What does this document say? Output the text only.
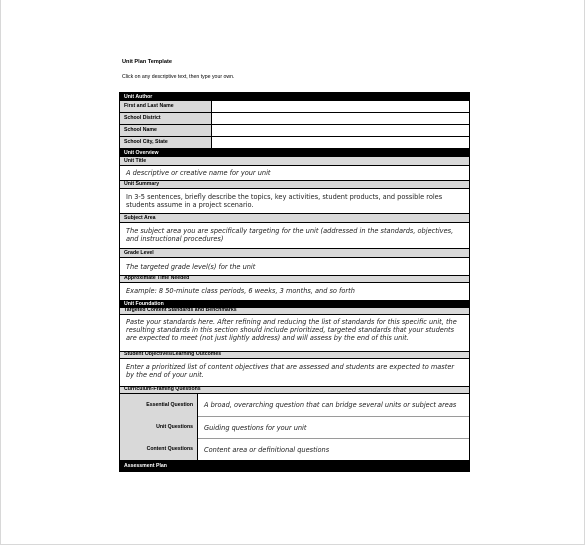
Unit Plan Template
Click on any descriptive text, then type your own.
Unit Author
First and Last Name
School District
School Name
School City, State
Unit Overview
Unit Title
A descriptive or creative name for your unit
Unit Summary
In 3-5 sentences, briefly describe the topics, key activities, student products, and possible roles students assume in a project scenario.
Subject Area
The subject area you are specifically targeting for the unit (addressed in the standards, objectives, and instructional procedures)
Grade Level
The targeted grade level(s) for the unit
Approximate Time Needed
Example: 8 50-minute class periods, 6 weeks, 3 months, and so forth
Unit Foundation
Targeted Content Standards and Benchmarks
Paste your standards here. After refining and reducing the list of standards for this specific unit, the resulting standards in this section should include prioritized, targeted standards that your students are expected to meet (not just lightly address) and will assess by the end of this unit.
Student Objectives/Learning Outcomes
Enter a prioritized list of content objectives that are assessed and students are expected to master by the end of your unit.
Curriculum-Framing Questions
Essential Question	A broad, overarching question that can bridge several units or subject areas
Unit Questions	Guiding questions for your unit
Content Questions	Content area or definitional questions
Assessment Plan
